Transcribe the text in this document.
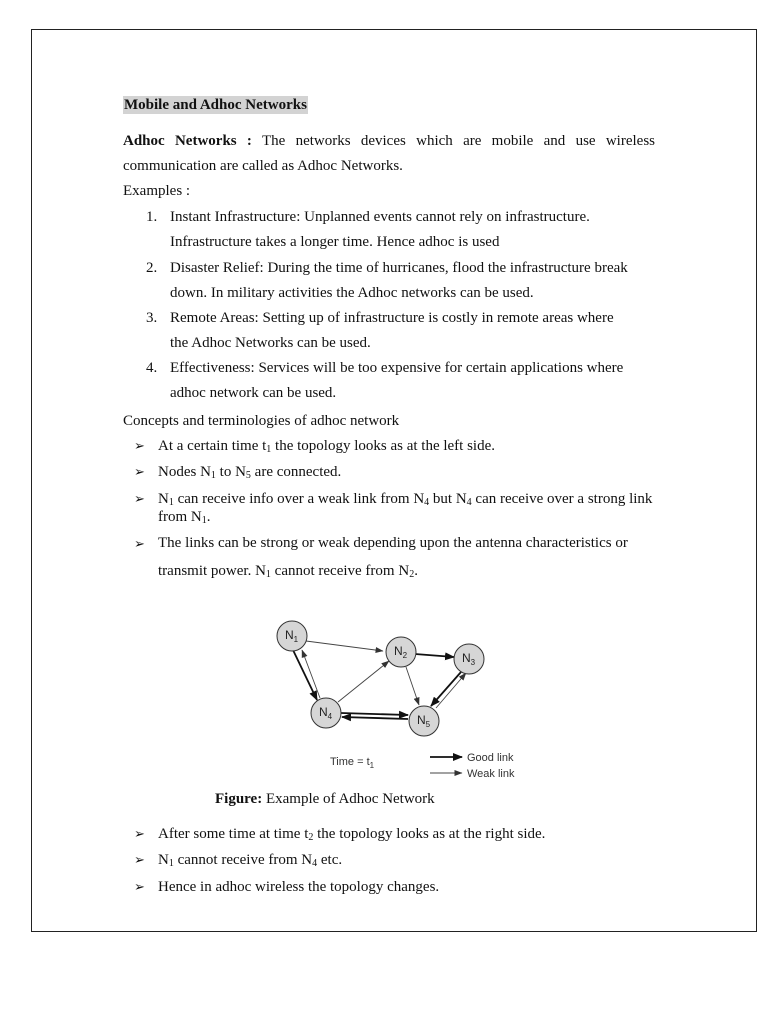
Mobile and Adhoc Networks
Adhoc Networks : The networks devices which are mobile and use wireless
communication are called as Adhoc Networks.
Examples :
1. Instant Infrastructure: Unplanned events cannot rely on infrastructure.
Infrastructure takes a longer time. Hence adhoc is used
2. Disaster Relief: During the time of hurricanes, flood the infrastructure break
down. In military activities the Adhoc networks can be used.
3. Remote Areas: Setting up of infrastructure is costly in remote areas where
the Adhoc Networks can be used.
4. Effectiveness: Services will be too expensive for certain applications where
adhoc network can be used.
Concepts and terminologies of adhoc network
➢ At a certain time $t_1$ the topology looks as at the left side.
➢ Nodes $N_1$ to $N_5$ are connected.
➢ $N_1$ can receive info over a weak link from $N_4$ but $N_4$ can receive over a strong link
from $N_1$.
➢ The links can be strong or weak depending upon the antenna characteristics or
transmit power. $N_1$ cannot receive from $N_2$.
$N_1$
$N_2$	$N_3$
$N_4$	$N_5$
Time = $t_1$
Good link
Weak link
Figure: Example of Adhoc Network
➢ After some time at time $t_2$ the topology looks as at the right side.
➢ $N_1$ cannot receive from $N_4$ etc.
➢ Hence in adhoc wireless the topology changes.
